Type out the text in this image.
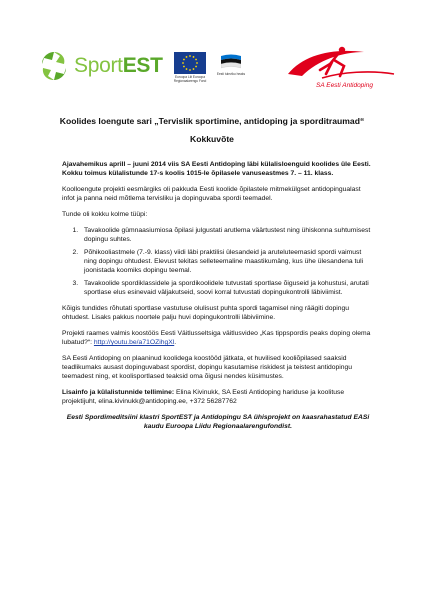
SportEST	Euroopa Liit Euroopa Regionaalarengu Fond
Eesti tuleviku heaks
SA Eesti Antidoping
Koolides loengute sari „Tervislik sportimine, antidoping ja sporditraumad“
Kokkuvõte

Ajavahemikus aprill – juuni 2014 viis SA Eesti Antidoping läbi külalisloenguid koolides üle Eesti. Kokku toimus külalistunde 17-s koolis 1015-le õpilasele vanuseastmes 7. – 11. klass.

Koolloengute projekti eesmärgiks oli pakkuda Eesti koolide õpilastele mitmekülgset antidopingualast infot ja panna neid mõtlema tervisliku ja dopinguvaba spordi teemadel.

Tunde oli kokku kolme tüüpi:

1. Tavakoolide gümnaasiumiosa õpilasi julgustati arutlema väärtustest ning ühiskonna suhtumisest dopingu suhtes.
2. Põhikooliastmele (7.-9. klass) viidi läbi praktilisi ülesandeid ja aruteluteemasid spordi vaimust ning dopingu ohtudest. Elevust tekitas selleteemaline maastikumäng, kus ühe ülesandena tuli joonistada koomiks dopingu teemal.
3. Tavakoolide spordiklassidele ja spordikoolidele tutvustati sportlase õiguseid ja kohustusi, arutati sportlase elus esinevaid väljakutseid, soovi korral tutvustati dopingukontrolli läbiviimist.

Kõigis tundides rõhutati sportlase vastutuse olulisust puhta spordi tagamisel ning räägiti dopingu ohtudest. Lisaks pakkus noortele palju huvi dopingukontrolli läbiviimine.

Projekti raames valmis koostöös Eesti Väitlusseltsiga väitlusvideo „Kas tippspordis peaks doping olema lubatud?“: http://youtu.be/a71OZihgXl.

SA Eesti Antidoping on plaaninud koolidega koostööd jätkata, et huvilised kooliõpilased saaksid teadlikumaks ausast dopinguvabast spordist, dopingu kasutamise riskidest ja teistest antidopingu teemadest ning, et koolisportlased teaksid oma õigusi nendes küsimustes.

Lisainfo ja külalistunnide tellimine: Elina Kivinukk, SA Eesti Antidoping hariduse ja koolituse projektijuht, elina.kivinukk@antidoping.ee, +372 56287762

Eesti Spordimeditsiini klastri SportEST ja Antidopingu SA ühisprojekt on kaasrahastatud EASi kaudu Euroopa Liidu Regionaalarengufondist.
